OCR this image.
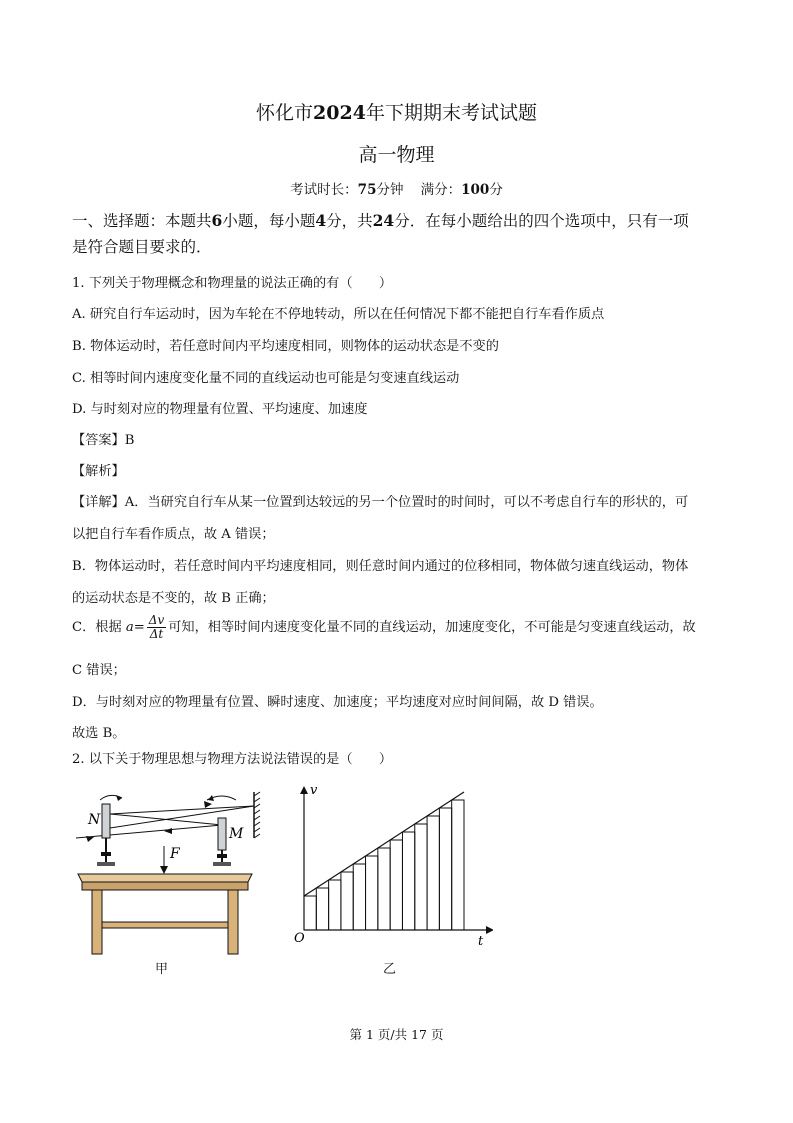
怀化市2024年下期期末考试试题
高一物理
考试时长：75分钟 满分：100分
一、选择题：本题共6小题，每小题4分，共24分．在每小题给出的四个选项中，只有一项
是符合题目要求的．
1. 下列关于物理概念和物理量的说法正确的有（　　）
A. 研究自行车运动时，因为车轮在不停地转动，所以在任何情况下都不能把自行车看作质点
B. 物体运动时，若任意时间内平均速度相同，则物体的运动状态是不变的
C. 相等时间内速度变化量不同的直线运动也可能是匀变速直线运动
D. 与时刻对应的物理量有位置、平均速度、加速度
【答案】B
【解析】
【详解】A．当研究自行车从某一位置到达较远的另一个位置时的时间时，可以不考虑自行车的形状的，可
以把自行车看作质点，故 A 错误；
B．物体运动时，若任意时间内平均速度相同，则任意时间内通过的位移相同，物体做匀速直线运动，物体
的运动状态是不变的，故 B 正确；
C．根据 $a= \frac{\Delta v}{\Delta t}$ 可知，相等时间内速度变化量不同的直线运动，加速度变化，不可能是匀变速直线运动，故
C 错误；
D．与时刻对应的物理量有位置、瞬时速度、加速度；平均速度对应时间间隔，故 D 错误。
故选 B。
2. 以下关于物理思想与物理方法说法错误的是（　　）
N
M
F
甲
v
t
O
乙
第 1 页/共 17 页
